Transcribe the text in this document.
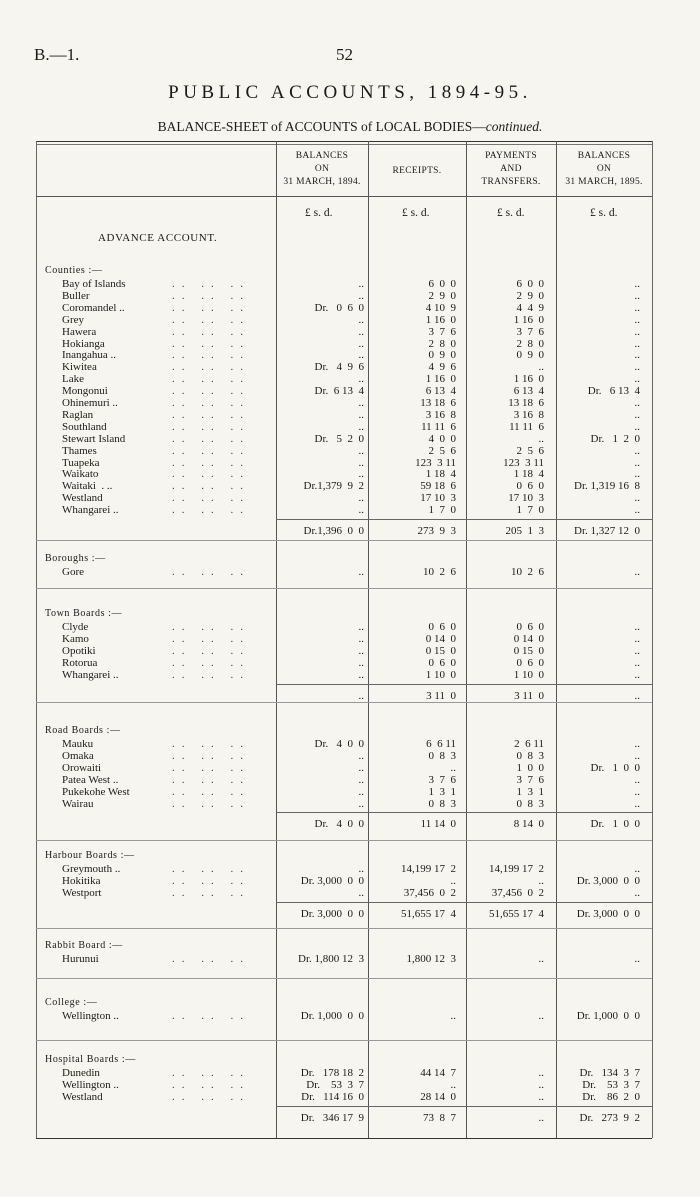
B.—1.	52
PUBLIC ACCOUNTS, 1894-95.
BALANCE-SHEET of ACCOUNTS of LOCAL BODIES—continued.
BALANCES
ON
31 MARCH, 1894.
RECEIPTS.
PAYMENTS
AND
TRANSFERS.
BALANCES
ON
31 MARCH, 1895.
£ s. d.	£ s. d.	£ s. d.	£ s. d.
ADVANCE ACCOUNT.
Counties :—
Bay of Islands	.. .. ..	..	6  0  0	6  0  0	..
Buller	.. .. ..	..	2  9  0	2  9  0	..
Coromandel ..	.. .. ..	Dr.   0  6  0	4 10  9	4  4  9	..
Grey	.. .. ..	..	1 16  0	1 16  0	..
Hawera	.. .. ..	..	3  7  6	3  7  6	..
Hokianga	.. .. ..	..	2  8  0	2  8  0	..
Inangahua ..	.. .. ..	..	0  9  0	0  9  0	..
Kiwitea	.. .. ..	Dr.   4  9  6	4  9  6	..	..
Lake	.. .. ..	..	1 16  0	1 16  0	..
Mongonui	.. .. ..	Dr.  6 13  4	6 13  4	6 13  4	Dr.   6 13  4
Ohinemuri ..	.. .. ..	..	13 18  6	13 18  6	..
Raglan	.. .. ..	..	3 16  8	3 16  8	..
Southland	.. .. ..	..	11 11  6	11 11  6	..
Stewart Island	.. .. ..	Dr.   5  2  0	4  0  0	..	Dr.   1  2  0
Thames	.. .. ..	..	2  5  6	2  5  6	..
Tuapeka	.. .. ..	..	123  3 11	123  3 11	..
Waikato	.. .. ..	..	1 18  4	1 18  4	..
Waitaki  . ..	.. .. ..	Dr.1,379  9  2	59 18  6	0  6  0	Dr. 1,319 16  8
Westland	.. .. ..	..	17 10  3	17 10  3	..
Whangarei ..	.. .. ..	..	1  7  0	1  7  0	..
Dr.1,396  0  0	273  9  3	205  1  3	Dr. 1,327 12  0
Boroughs :—
Gore	.. .. ..	..	10  2  6	10  2  6	..
Town Boards :—
Clyde	.. .. ..	..	0  6  0	0  6  0	..
Kamo	.. .. ..	..	0 14  0	0 14  0	..
Opotiki	.. .. ..	..	0 15  0	0 15  0	..
Rotorua	.. .. ..	..	0  6  0	0  6  0	..
Whangarei ..	.. .. ..	..	1 10  0	1 10  0	..
..	3 11  0	3 11  0	..
Road Boards :—
Mauku	.. .. ..	Dr.   4  0  0	6  6 11	2  6 11	..
Omaka	.. .. ..	..	0  8  3	0  8  3	..
Orowaiti	.. .. ..	..	..	1  0  0	Dr.   1  0  0
Patea West ..	.. .. ..	..	3  7  6	3  7  6	..
Pukekohe West	.. .. ..	..	1  3  1	1  3  1	..
Wairau	.. .. ..	..	0  8  3	0  8  3	..
Dr.   4  0  0	11 14  0	8 14  0	Dr.   1  0  0
Harbour Boards :—
Greymouth ..	.. .. ..	..	14,199 17  2	14,199 17  2	..
Hokitika	.. .. ..	Dr. 3,000  0  0	..	..	Dr. 3,000  0  0
Westport	.. .. ..	..	37,456  0  2	37,456  0  2	..
Dr. 3,000  0  0	51,655 17  4	51,655 17  4	Dr. 3,000  0  0
Rabbit Board :—
Hurunui	.. .. ..	Dr. 1,800 12  3	1,800 12  3	..	..
College :—
Wellington ..	.. .. ..	Dr. 1,000  0  0	..	..	Dr. 1,000  0  0
Hospital Boards :—
Dunedin	.. .. ..	Dr.   178 18  2	44 14  7	..	Dr.   134  3  7
Wellington ..	.. .. ..	Dr.    53  3  7	..	..	Dr.    53  3  7
Westland	.. .. ..	Dr.   114 16  0	28 14  0	..	Dr.    86  2  0
Dr.   346 17  9	73  8  7	..	Dr.   273  9  2
